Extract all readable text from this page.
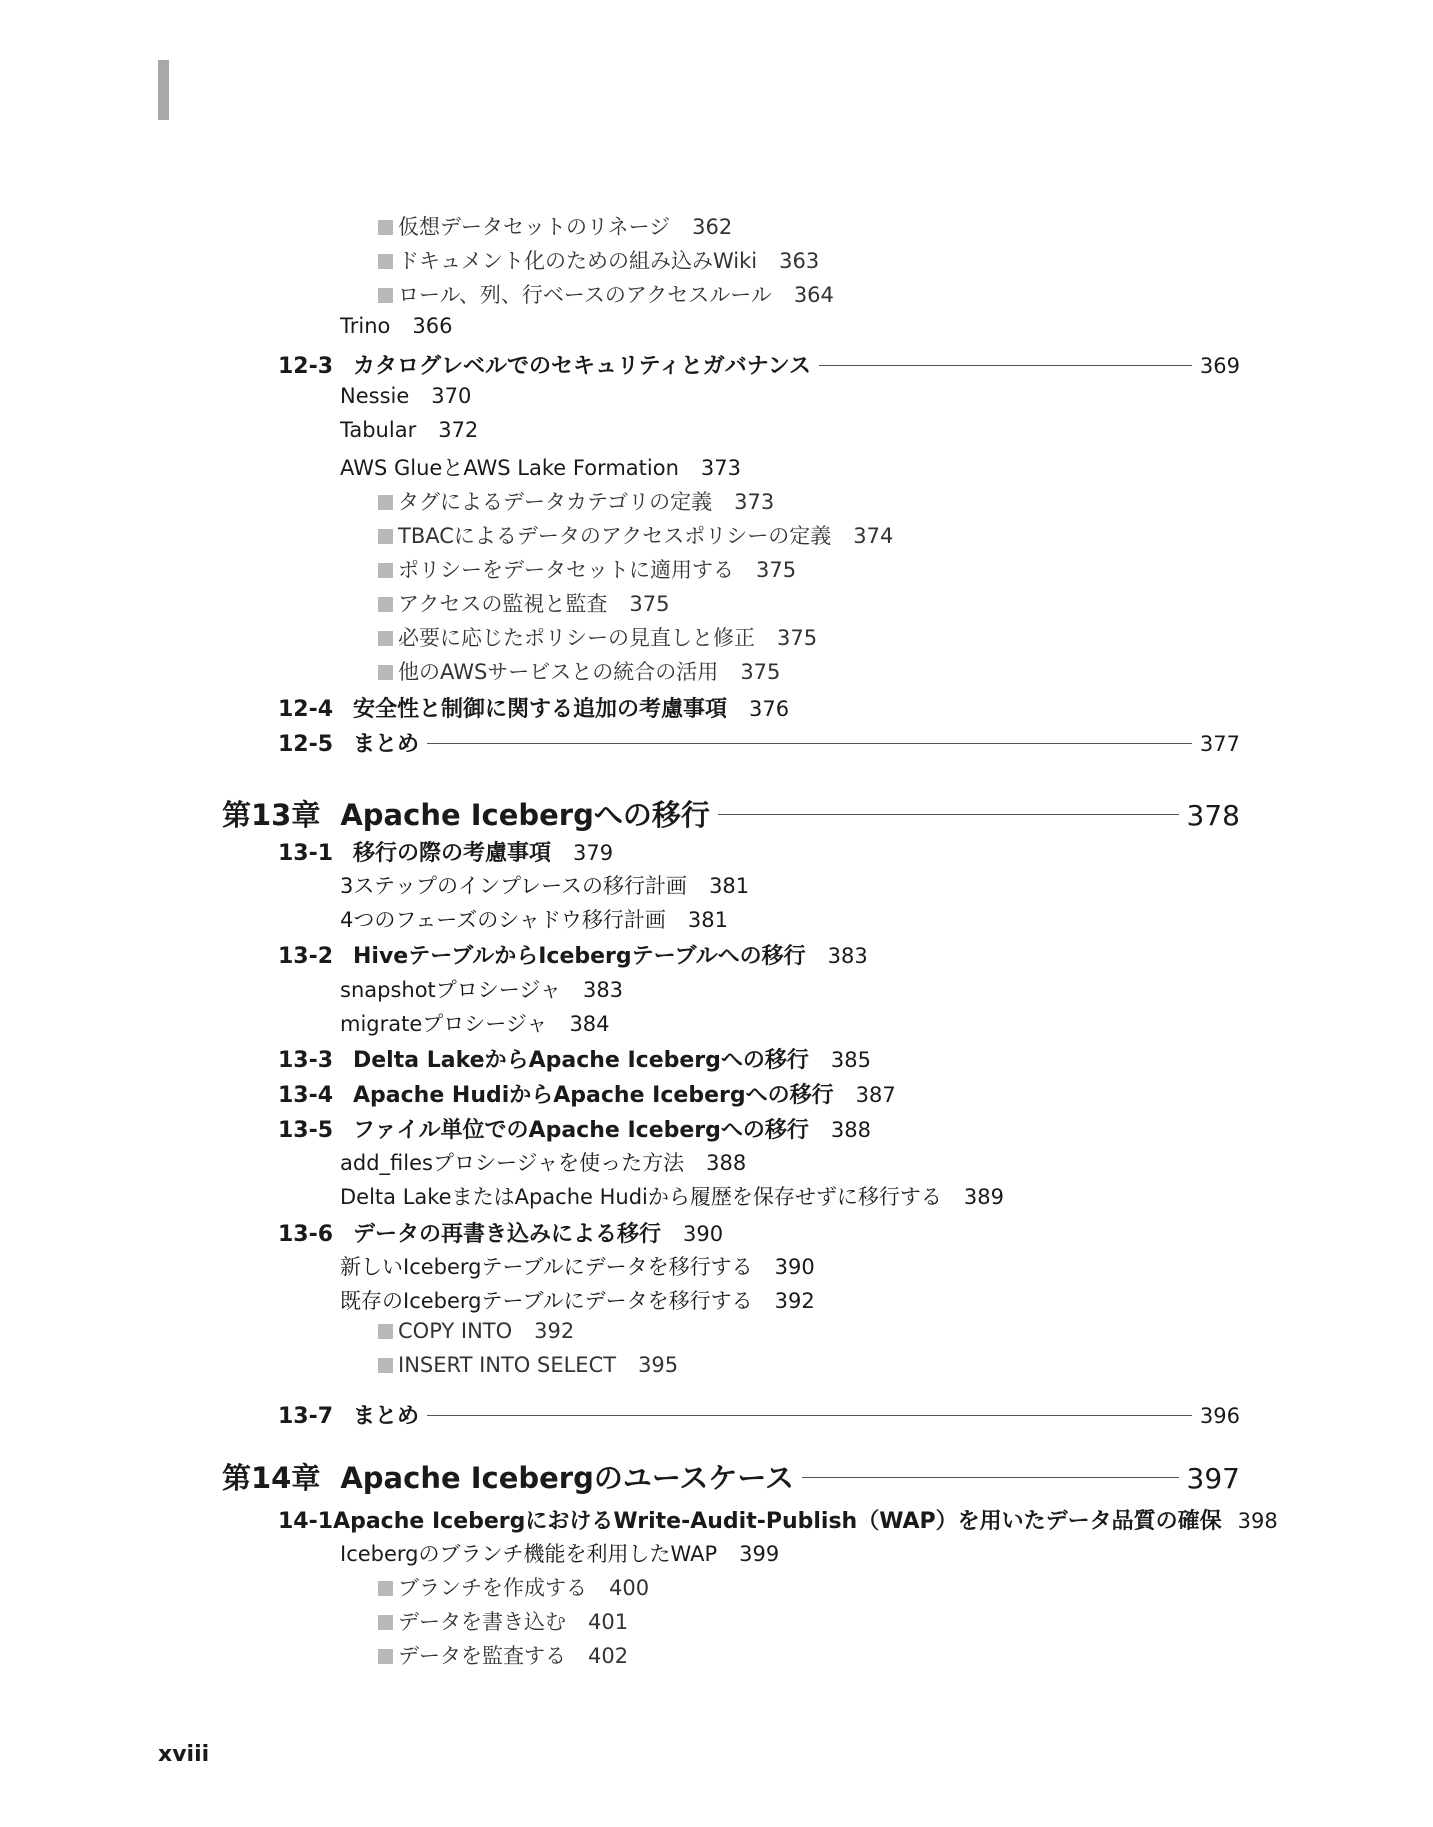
仮想データセットのリネージ 362
ドキュメント化のための組み込みWiki 363
ロール、列、行ベースのアクセスルール 364
Trino 366
12-3 カタログレベルでのセキュリティとガバナンス	369
Nessie 370
Tabular 372
AWS GlueとAWS Lake Formation 373
タグによるデータカテゴリの定義 373
TBACによるデータのアクセスポリシーの定義 374
ポリシーをデータセットに適用する 375
アクセスの監視と監査 375
必要に応じたポリシーの見直しと修正 375
他のAWSサービスとの統合の活用 375
12-4 安全性と制御に関する追加の考慮事項 376
12-5 まとめ	377
第13章 Apache Icebergへの移行	378
13-1 移行の際の考慮事項 379
3ステップのインプレースの移行計画 381
4つのフェーズのシャドウ移行計画 381
13-2 HiveテーブルからIcebergテーブルへの移行 383
snapshotプロシージャ 383
migrateプロシージャ 384
13-3 Delta LakeからApache Icebergへの移行 385
13-4 Apache HudiからApache Icebergへの移行 387
13-5 ファイル単位でのApache Icebergへの移行 388
add_filesプロシージャを使った方法 388
Delta LakeまたはApache Hudiから履歴を保存せずに移行する 389
13-6 データの再書き込みによる移行 390
新しいIcebergテーブルにデータを移行する 390
既存のIcebergテーブルにデータを移行する 392
COPY INTO 392
INSERT INTO SELECT 395
13-7 まとめ	396
第14章 Apache Icebergのユースケース	397
14-1 Apache IcebergにおけるWrite-Audit-Publish（WAP）を用いたデータ品質の確保 398
Icebergのブランチ機能を利用したWAP 399
ブランチを作成する 400
データを書き込む 401
データを監査する 402
xviii
